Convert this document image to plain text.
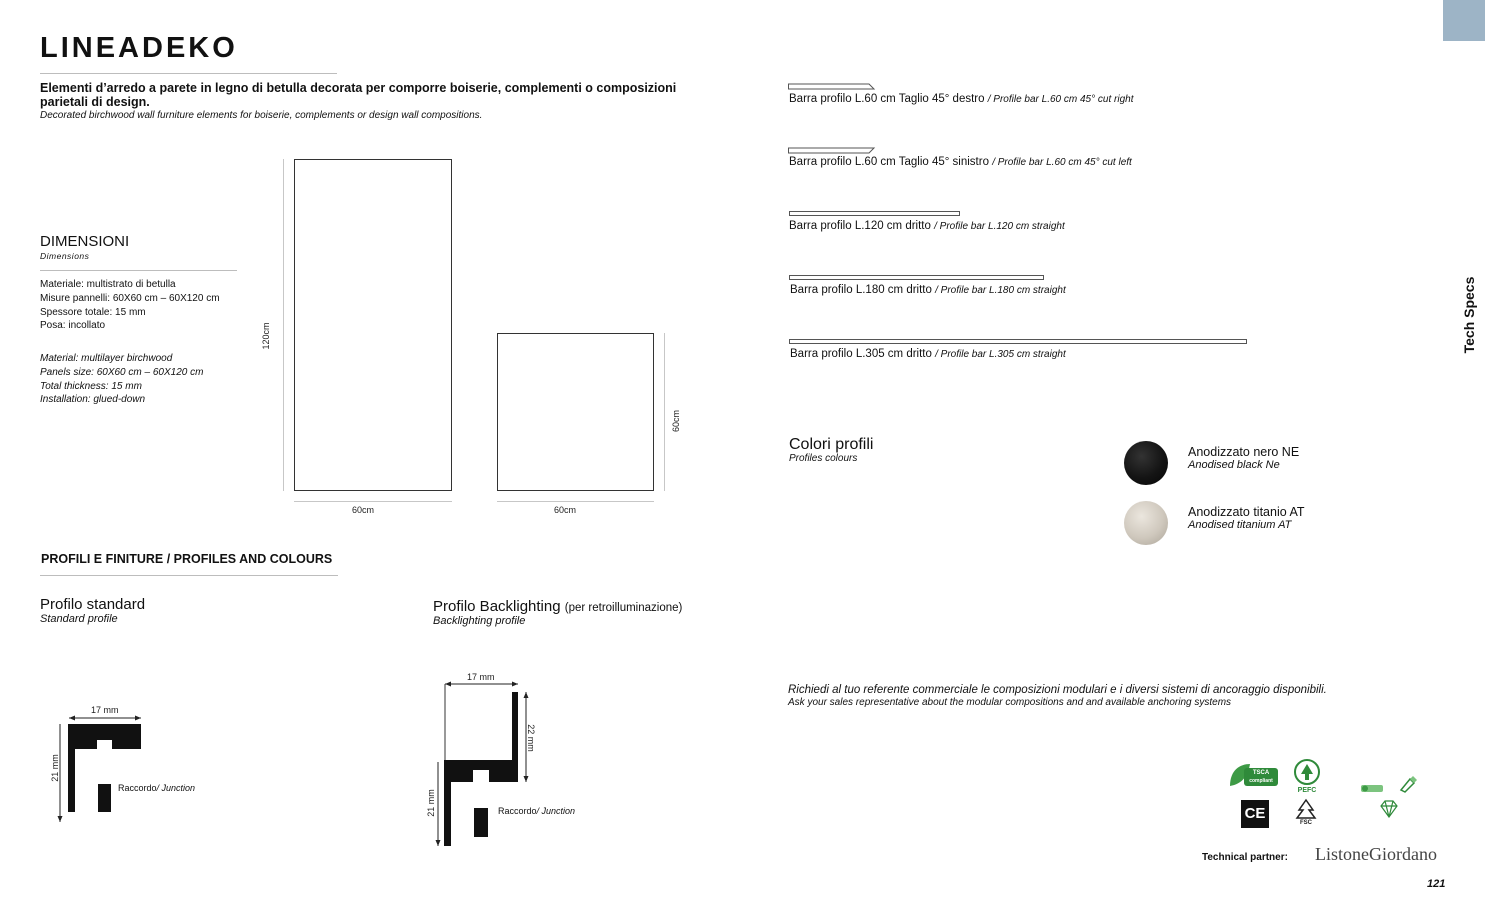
Tech Specs
LINEADEKO
Elementi d’arredo a parete in legno di betulla decorata per comporre boiserie, complementi o composizioni parietali di design.
Decorated birchwood wall furniture elements for boiserie, complements or design wall compositions.
DIMENSIONI
Dimensions
Materiale: multistrato di betulla
Misure pannelli: 60X60 cm – 60X120 cm
Spessore totale: 15 mm
Posa: incollato
Material: multilayer birchwood
Panels size: 60X60 cm – 60X120 cm
Total thickness: 15 mm
Installation: glued-down
120cm
60cm
60cm
60cm
PROFILI E FINITURE / PROFILES AND COLOURS
Profilo standard
Standard profile
Profilo Backlighting (per retroilluminazione)
Backlighting profile
17 mm
21 mm
Raccordo/ Junction
17 mm
22 mm
21 mm	Raccordo/ Junction
Barra profilo L.60 cm Taglio 45° destro / Profile bar L.60 cm 45° cut right
Barra profilo L.60 cm Taglio 45° sinistro / Profile bar L.60 cm 45° cut left
Barra profilo L.120 cm dritto / Profile bar L.120 cm straight
Barra profilo L.180 cm dritto / Profile bar L.180 cm straight
Barra profilo L.305 cm dritto / Profile bar L.305 cm straight
Colori profili
Profiles colours	Anodizzato nero NE
Anodised black Ne
Anodizzato titanio AT
Anodised titanium AT
Richiedi al tuo referente commerciale le composizioni modulari e i diversi sistemi di ancoraggio disponibili.
Ask your sales representative about the modular compositions and and available anchoring systems
TSCA
compliant
PEFC
CE
FSC
Technical partner: ListoneGiordano
121
